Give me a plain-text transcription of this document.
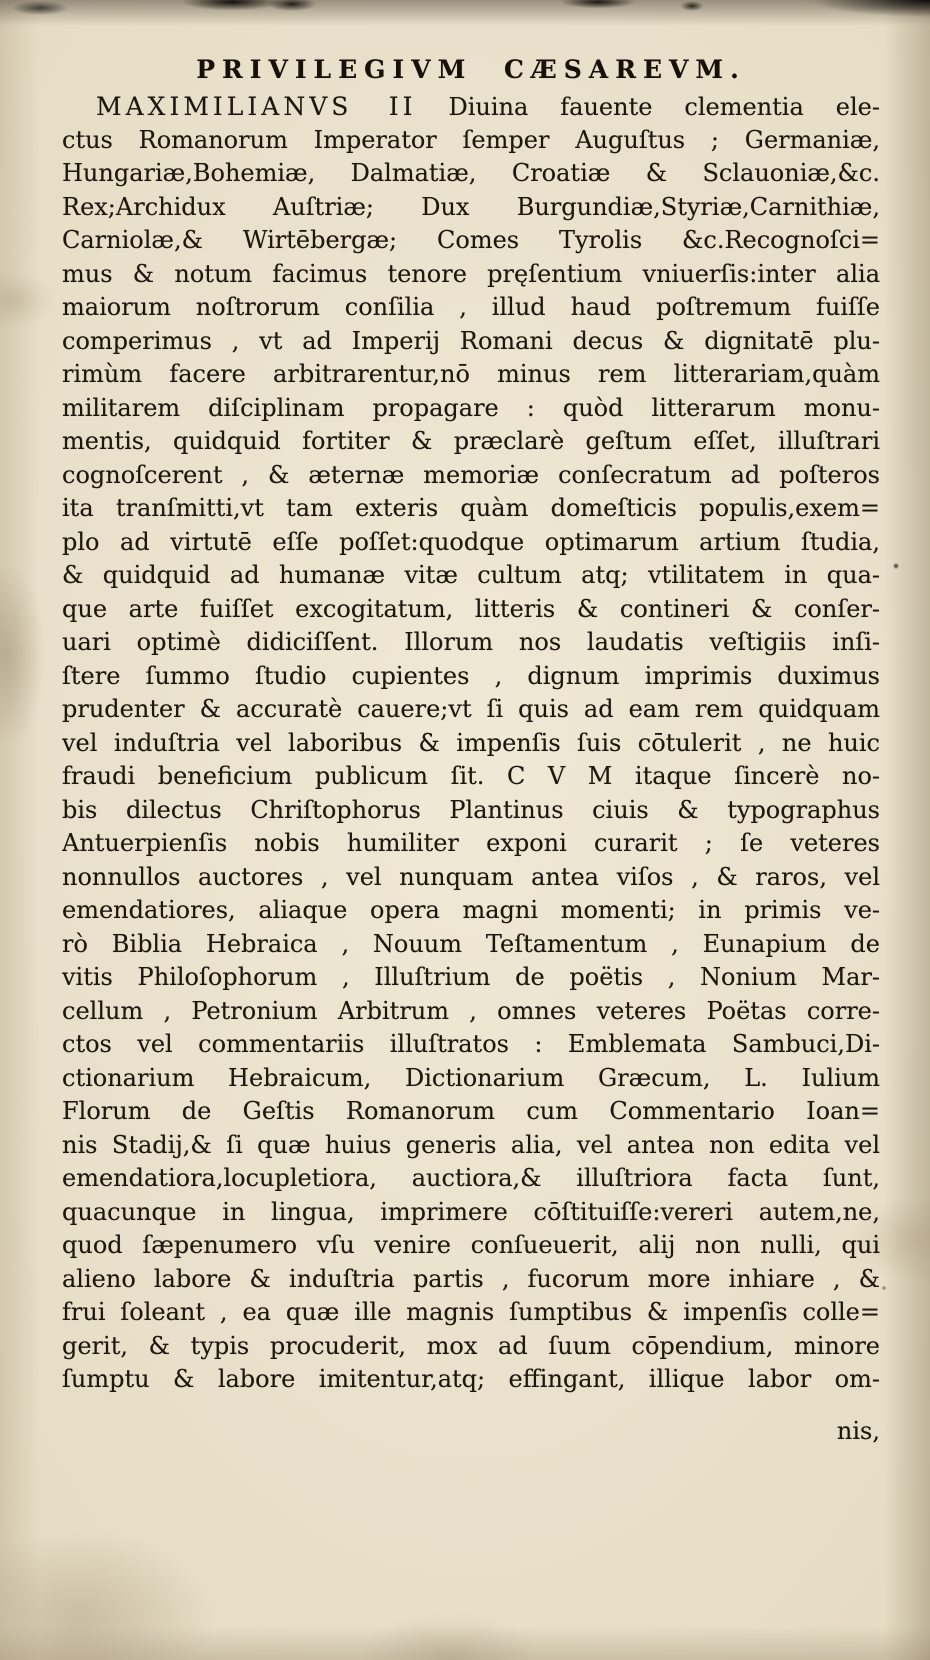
PRIVILEGIVM CÆSAREVM.
MAXIMILIANVS II Diuina fauente clementia ele-
ctus Romanorum Imperator ſemper Auguſtus ; Germaniæ,
Hungariæ,Bohemiæ, Dalmatiæ, Croatiæ & Sclauoniæ,&c.
Rex;Archidux Auſtriæ; Dux Burgundiæ,Styriæ,Carnithiæ,
Carniolæ,& Wirtēbergæ; Comes Tyrolis &c.Recognoſci=
mus & notum facimus tenore pręſentium vniuerſis:inter alia
maiorum noſtrorum conſilia , illud haud poſtremum fuiſſe
comperimus , vt ad Imperij Romani decus & dignitatē plu-
rimùm facere arbitrarentur,nō minus rem litterariam,quàm
militarem diſciplinam propagare : quòd litterarum monu-
mentis, quidquid fortiter & præclarè geſtum eſſet, illuſtrari
cognoſcerent , & æternæ memoriæ conſecratum ad poſteros
ita tranſmitti,vt tam exteris quàm domeſticis populis,exem=
plo ad virtutē eſſe poſſet:quodque optimarum artium ſtudia,
& quidquid ad humanæ vitæ cultum atq; vtilitatem in qua-
que arte fuiſſet excogitatum, litteris & contineri & conſer-
uari optimè didiciſſent. Illorum nos laudatis veſtigiis inſi-
ſtere ſummo ſtudio cupientes , dignum imprimis duximus
prudenter & accuratè cauere;vt ſi quis ad eam rem quidquam
vel induſtria vel laboribus & impenſis ſuis cōtulerit , ne huic
fraudi beneficium publicum ſit. C V M itaque ſincerè no-
bis dilectus Chriſtophorus Plantinus ciuis & typographus
Antuerpienſis nobis humiliter exponi curarit ; ſe veteres
nonnullos auctores , vel nunquam antea viſos , & raros, vel
emendatiores, aliaque opera magni momenti; in primis ve-
rò Biblia Hebraica , Nouum Teſtamentum , Eunapium de
vitis Philoſophorum , Illuſtrium de poëtis , Nonium Mar-
cellum , Petronium Arbitrum , omnes veteres Poëtas corre-
ctos vel commentariis illuſtratos : Emblemata Sambuci,Di-
ctionarium Hebraicum, Dictionarium Græcum, L. Iulium
Florum de Geſtis Romanorum cum Commentario Ioan=
nis Stadij,& ſi quæ huius generis alia, vel antea non edita vel
emendatiora,locupletiora, auctiora,& illuſtriora facta ſunt,
quacunque in lingua, imprimere cōſtituiſſe:vereri autem,ne,
quod ſæpenumero vſu venire conſueuerit, alij non nulli, qui
alieno labore & induſtria partis , fucorum more inhiare , &
frui ſoleant , ea quæ ille magnis ſumptibus & impenſis colle=
gerit, & typis procuderit, mox ad ſuum cōpendium, minore
ſumptu & labore imitentur,atq; effingant, illique labor om-
nis,
